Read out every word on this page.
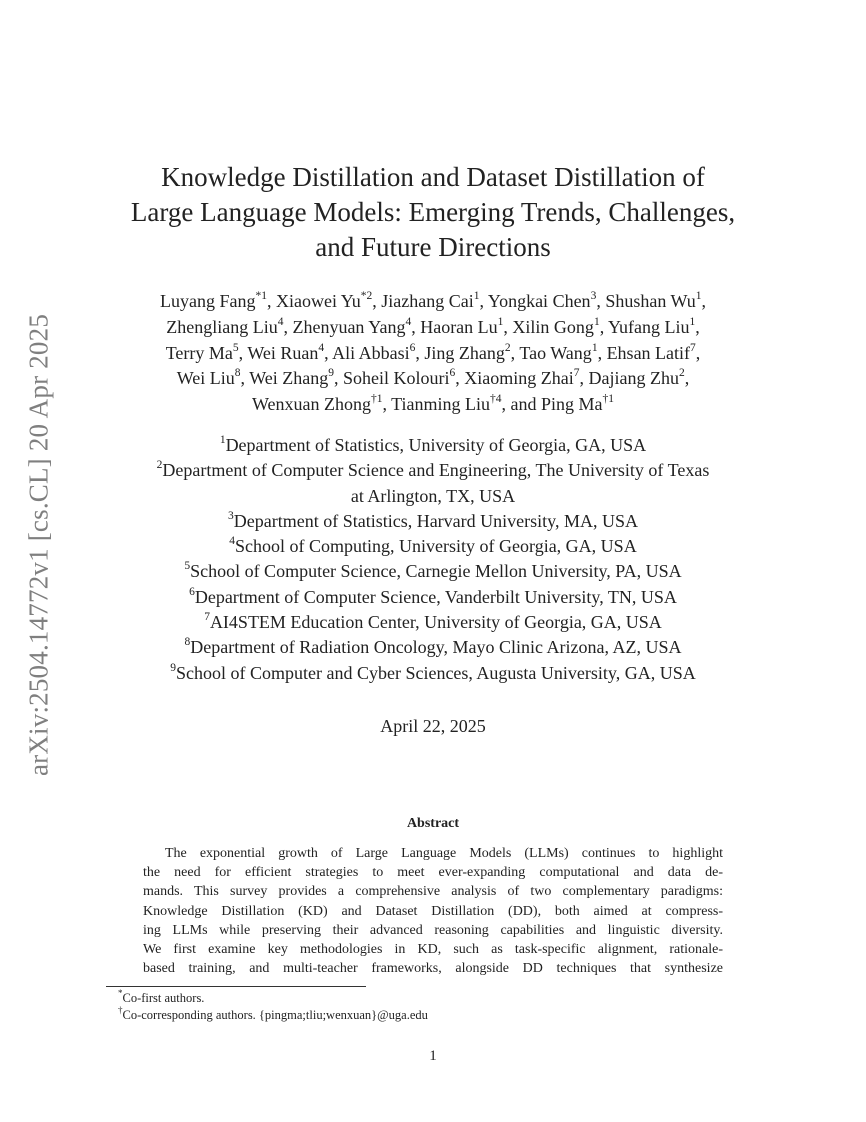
arXiv:2504.14772v1 [cs.CL] 20 Apr 2025
Knowledge Distillation and Dataset Distillation of
Large Language Models: Emerging Trends, Challenges,
and Future Directions
Luyang Fang$^{*1}$, Xiaowei Yu$^{*2}$, Jiazhang Cai$^1$, Yongkai Chen$^3$, Shushan Wu$^1$,
Zhengliang Liu$^4$, Zhenyuan Yang$^4$, Haoran Lu$^1$, Xilin Gong$^1$, Yufang Liu$^1$,
Terry Ma$^5$, Wei Ruan$^4$, Ali Abbasi$^6$, Jing Zhang$^2$, Tao Wang$^1$, Ehsan Latif$^7$,
Wei Liu$^8$, Wei Zhang$^9$, Soheil Kolouri$^6$, Xiaoming Zhai$^7$, Dajiang Zhu$^2$,
Wenxuan Zhong$^{\dagger 1}$, Tianming Liu$^{\dagger 4}$, and Ping Ma$^{\dagger 1}$
$^1$Department of Statistics, University of Georgia, GA, USA
$^2$Department of Computer Science and Engineering, The University of Texas
at Arlington, TX, USA
$^3$Department of Statistics, Harvard University, MA, USA
$^4$School of Computing, University of Georgia, GA, USA
$^5$School of Computer Science, Carnegie Mellon University, PA, USA
$^6$Department of Computer Science, Vanderbilt University, TN, USA
$^7$AI4STEM Education Center, University of Georgia, GA, USA
$^8$Department of Radiation Oncology, Mayo Clinic Arizona, AZ, USA
$^9$School of Computer and Cyber Sciences, Augusta University, GA, USA
April 22, 2025
Abstract
The exponential growth of Large Language Models (LLMs) continues to highlight
the need for efficient strategies to meet ever-expanding computational and data de-
mands. This survey provides a comprehensive analysis of two complementary paradigms:
Knowledge Distillation (KD) and Dataset Distillation (DD), both aimed at compress-
ing LLMs while preserving their advanced reasoning capabilities and linguistic diversity.
We first examine key methodologies in KD, such as task-specific alignment, rationale-
based training, and multi-teacher frameworks, alongside DD techniques that synthesize
*Co-first authors.
†Co-corresponding authors. {pingma;tliu;wenxuan}@uga.edu
1
